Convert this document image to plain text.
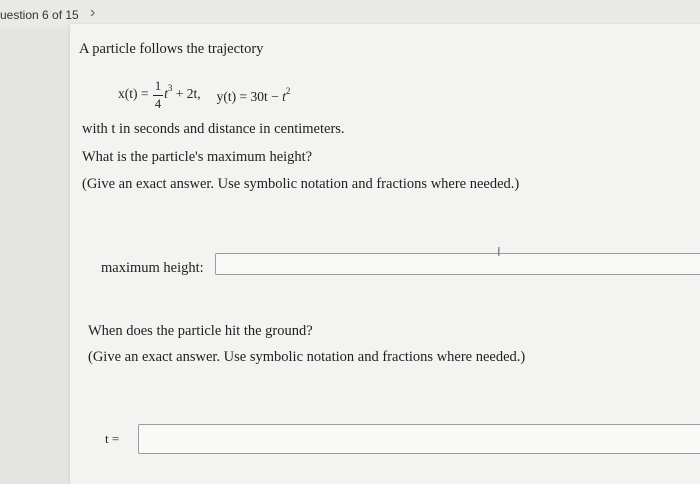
uestion 6 of 15 ›
A particle follows the trajectory
$x(t) = \frac{1}{4} t^3 + 2t$, $y(t) = 30t - t^2$
with t in seconds and distance in centimeters.
What is the particle's maximum height?
(Give an exact answer. Use symbolic notation and fractions where needed.)
maximum height:
I
When does the particle hit the ground?
(Give an exact answer. Use symbolic notation and fractions where needed.)
t =
